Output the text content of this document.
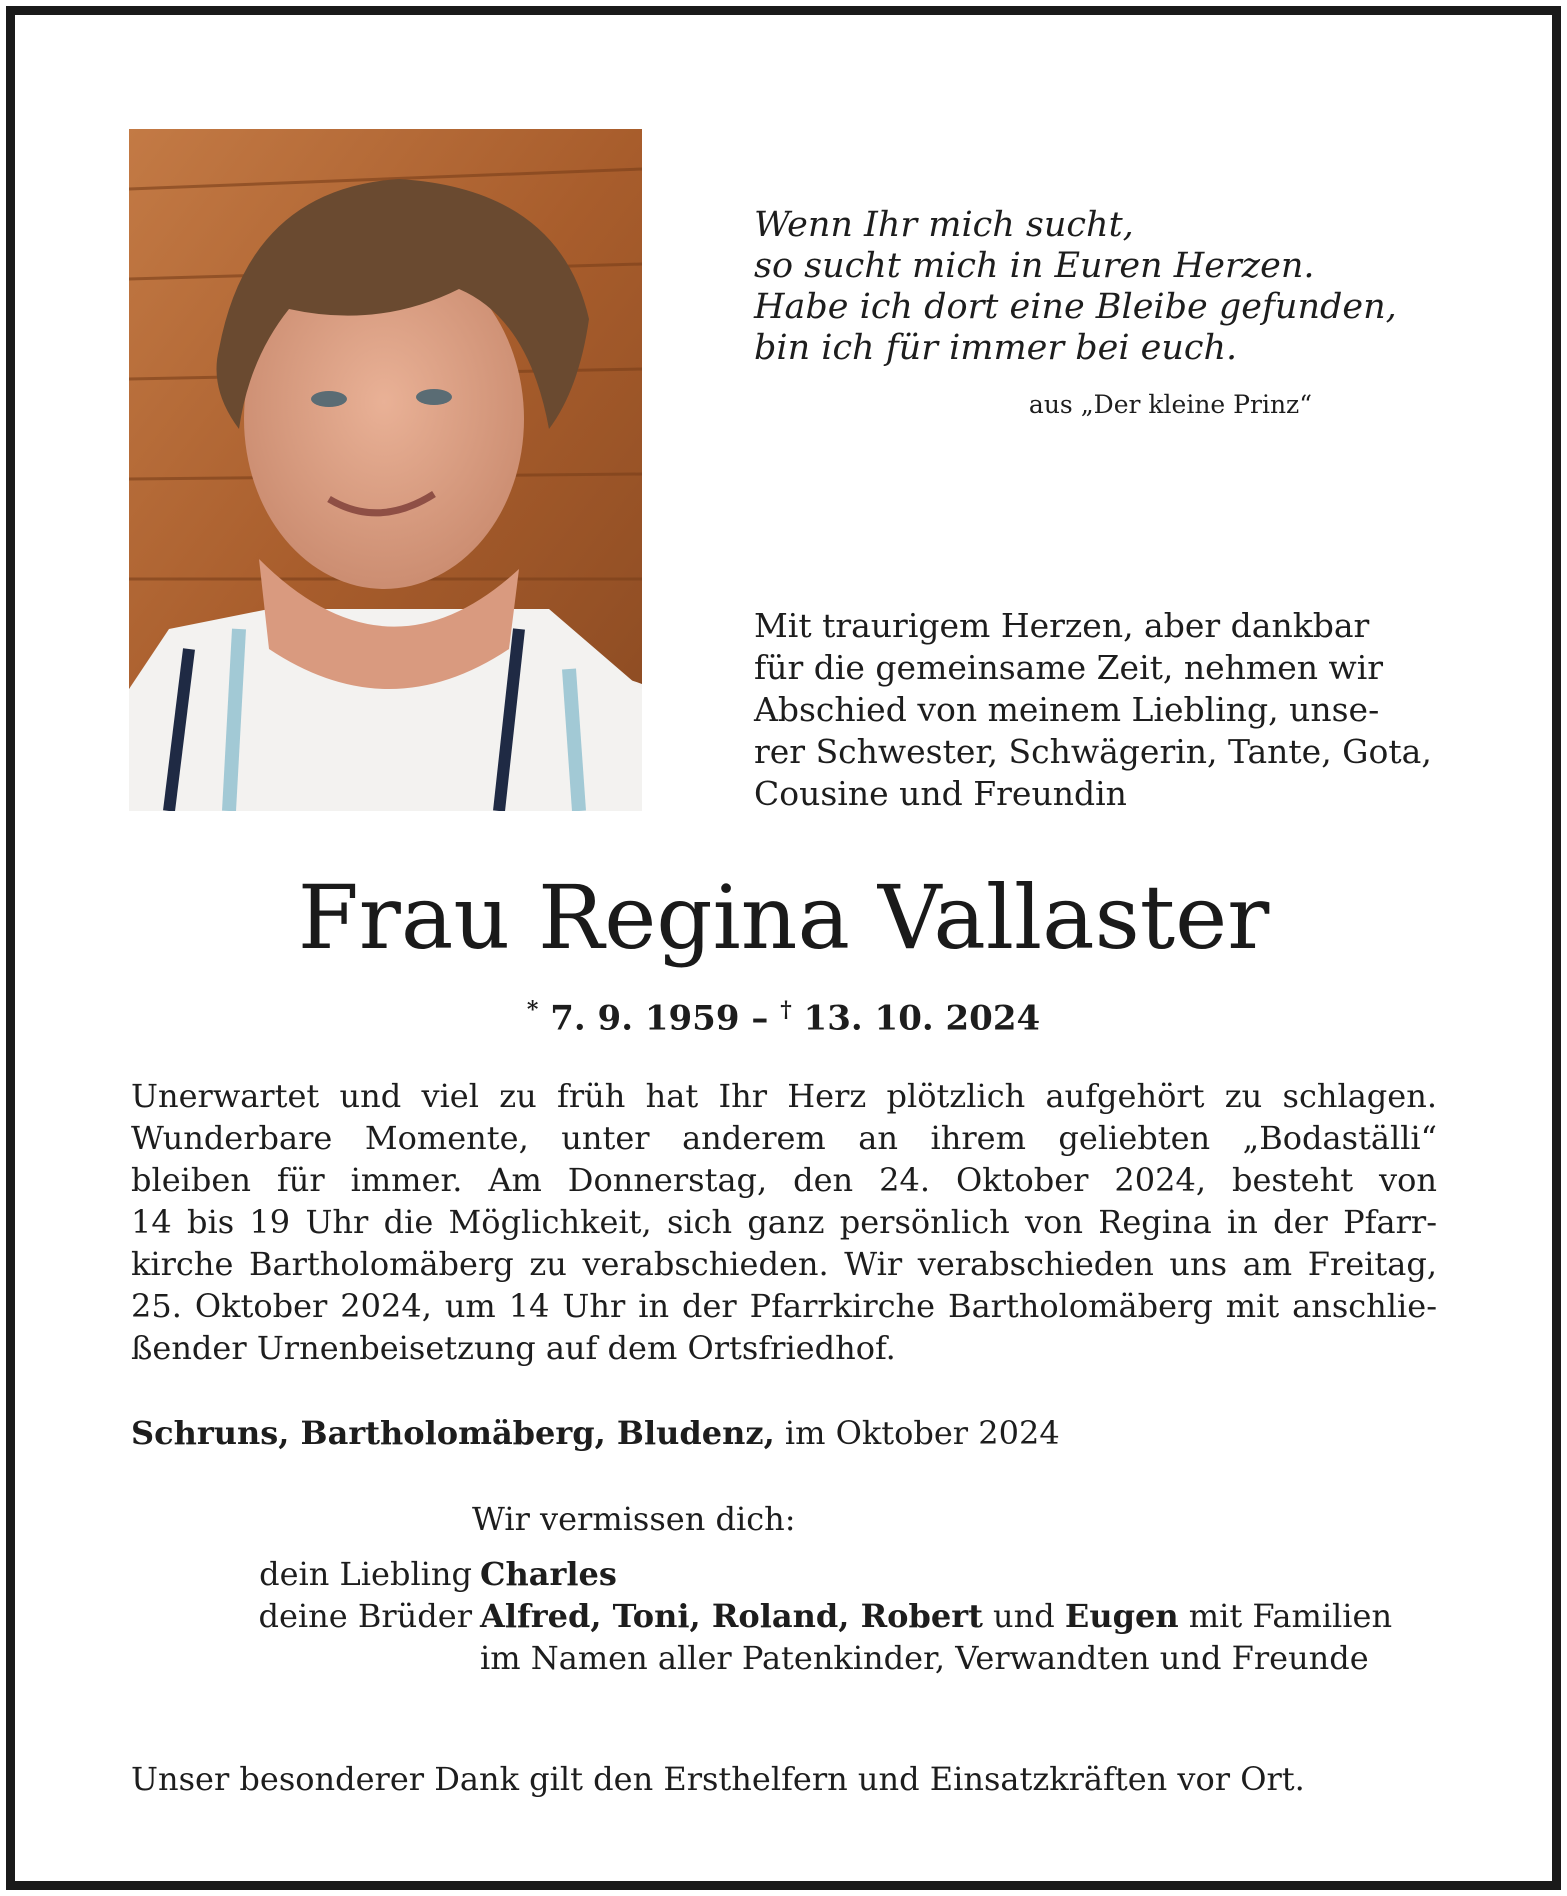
Wenn Ihr mich sucht,
so sucht mich in Euren Herzen.
Habe ich dort eine Bleibe gefunden,
bin ich für immer bei euch.
aus „Der kleine Prinz“
Mit traurigem Herzen, aber dankbar
für die gemeinsame Zeit, nehmen wir
Abschied von meinem Liebling, unse-
rer Schwester, Schwägerin, Tante, Gota,
Cousine und Freundin
Frau Regina Vallaster
* 7. 9. 1959 – † 13. 10. 2024
Unerwartet und viel zu früh hat Ihr Herz plötzlich aufgehört zu schlagen.
Wunderbare Momente, unter anderem an ihrem geliebten „Bodaställi“
bleiben für immer. Am Donnerstag, den 24. Oktober 2024, besteht von
14 bis 19 Uhr die Möglichkeit, sich ganz persönlich von Regina in der Pfarr-
kirche Bartholomäberg zu verabschieden. Wir verabschieden uns am Freitag,
25. Oktober 2024, um 14 Uhr in der Pfarrkirche Bartholomäberg mit anschlie-
ßender Urnenbeisetzung auf dem Ortsfriedhof.
Schruns, Bartholomäberg, Bludenz, im Oktober 2024
Wir vermissen dich:
dein Liebling Charles
deine Brüder Alfred, Toni, Roland, Robert und Eugen mit Familien
im Namen aller Patenkinder, Verwandten und Freunde
Unser besonderer Dank gilt den Ersthelfern und Einsatzkräften vor Ort.
